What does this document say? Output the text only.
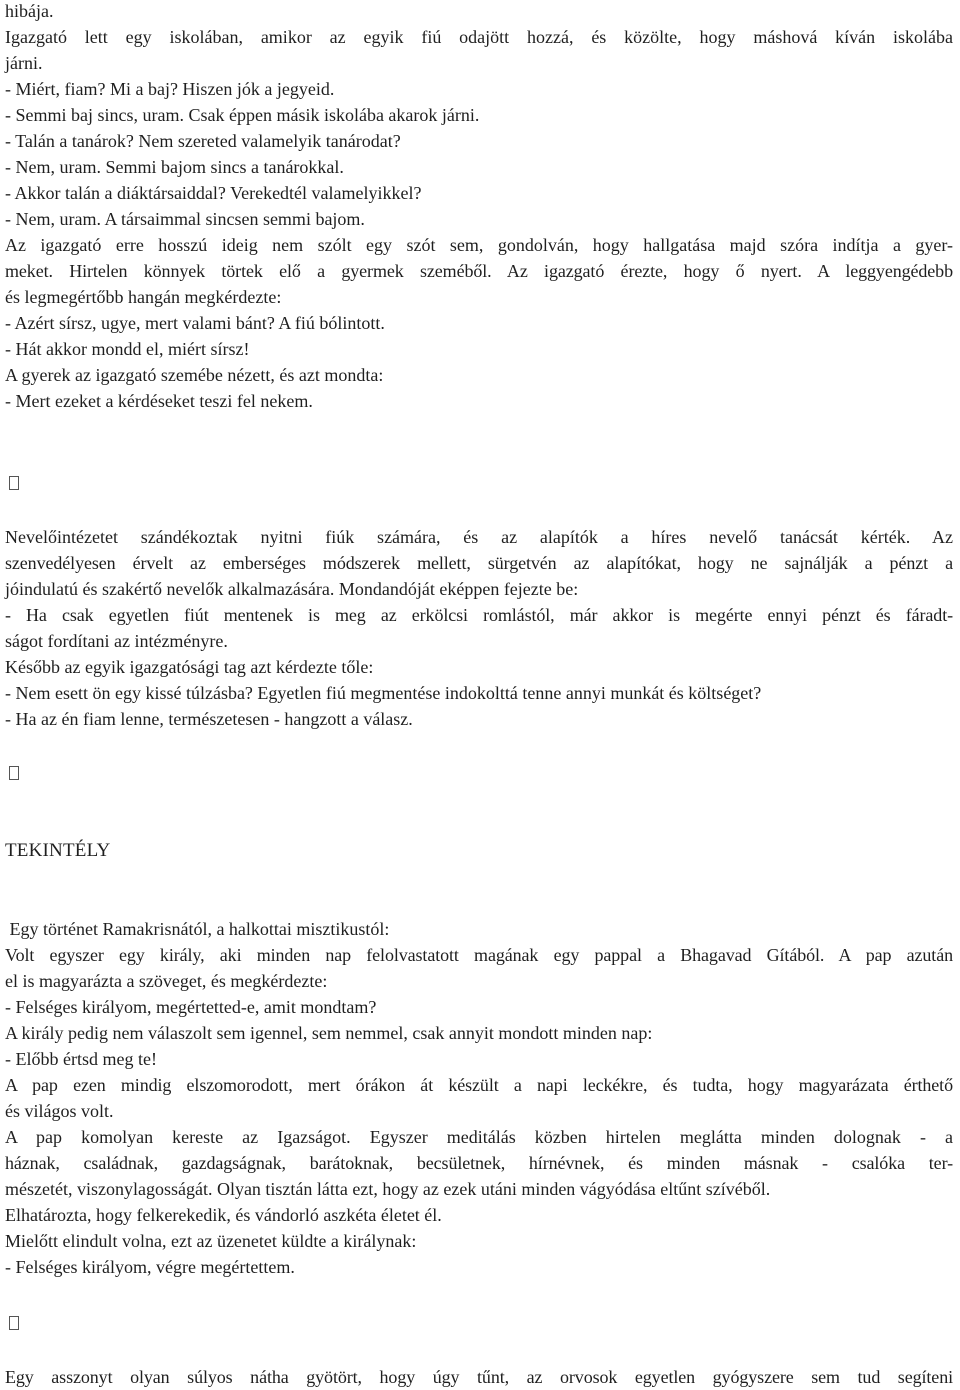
hibája.
Igazgató lett egy iskolában, amikor az egyik fiú odajött hozzá, és közölte, hogy máshová kíván iskolába
járni.
- Miért, fiam? Mi a baj? Hiszen jók a jegyeid.
- Semmi baj sincs, uram. Csak éppen másik iskolába akarok járni.
- Talán a tanárok? Nem szereted valamelyik tanárodat?
- Nem, uram. Semmi bajom sincs a tanárokkal.
- Akkor talán a diáktársaiddal? Verekedtél valamelyikkel?
- Nem, uram. A társaimmal sincsen semmi bajom.
Az igazgató erre hosszú ideig nem szólt egy szót sem, gondolván, hogy hallgatása majd szóra indítja a gyer-
meket. Hirtelen könnyek törtek elő a gyermek szeméből. Az igazgató érezte, hogy ő nyert. A leggyengédebb
és legmegértőbb hangán megkérdezte:
- Azért sírsz, ugye, mert valami bánt? A fiú bólintott.
- Hát akkor mondd el, miért sírsz!
A gyerek az igazgató szemébe nézett, és azt mondta:
- Mert ezeket a kérdéseket teszi fel nekem.
Nevelőintézetet szándékoztak nyitni fiúk számára, és az alapítók a híres nevelő tanácsát kérték. Az
szenvedélyesen érvelt az emberséges módszerek mellett, sürgetvén az alapítókat, hogy ne sajnálják a pénzt a
jóindulatú és szakértő nevelők alkalmazására. Mondandóját eképpen fejezte be:
- Ha csak egyetlen fiút mentenek is meg az erkölcsi romlástól, már akkor is megérte ennyi pénzt és fáradt-
ságot fordítani az intézményre.
Később az egyik igazgatósági tag azt kérdezte tőle:
- Nem esett ön egy kissé túlzásba? Egyetlen fiú megmentése indokolttá tenne annyi munkát és költséget?
- Ha az én fiam lenne, természetesen - hangzott a válasz.
TEKINTÉLY
Egy történet Ramakrisnától, a halkottai misztikustól:
Volt egyszer egy király, aki minden nap felolvastatott magának egy pappal a Bhagavad Gítából. A pap azután
el is magyarázta a szöveget, és megkérdezte:
- Felséges királyom, megértetted-e, amit mondtam?
A király pedig nem válaszolt sem igennel, sem nemmel, csak annyit mondott minden nap:
- Előbb értsd meg te!
A pap ezen mindig elszomorodott, mert órákon át készült a napi leckékre, és tudta, hogy magyarázata érthető
és világos volt.
A pap komolyan kereste az Igazságot. Egyszer meditálás közben hirtelen meglátta minden dolognak - a
háznak, családnak, gazdagságnak, barátoknak, becsületnek, hírnévnek, és minden másnak - csalóka ter-
mészetét, viszonylagosságát. Olyan tisztán látta ezt, hogy az ezek utáni minden vágyódása eltűnt szívéből.
Elhatározta, hogy felkerekedik, és vándorló aszkéta életet él.
Mielőtt elindult volna, ezt az üzenetet küldte a királynak:
- Felséges királyom, végre megértettem.
Egy asszonyt olyan súlyos nátha gyötört, hogy úgy tűnt, az orvosok egyetlen gyógyszere sem tud segíteni
